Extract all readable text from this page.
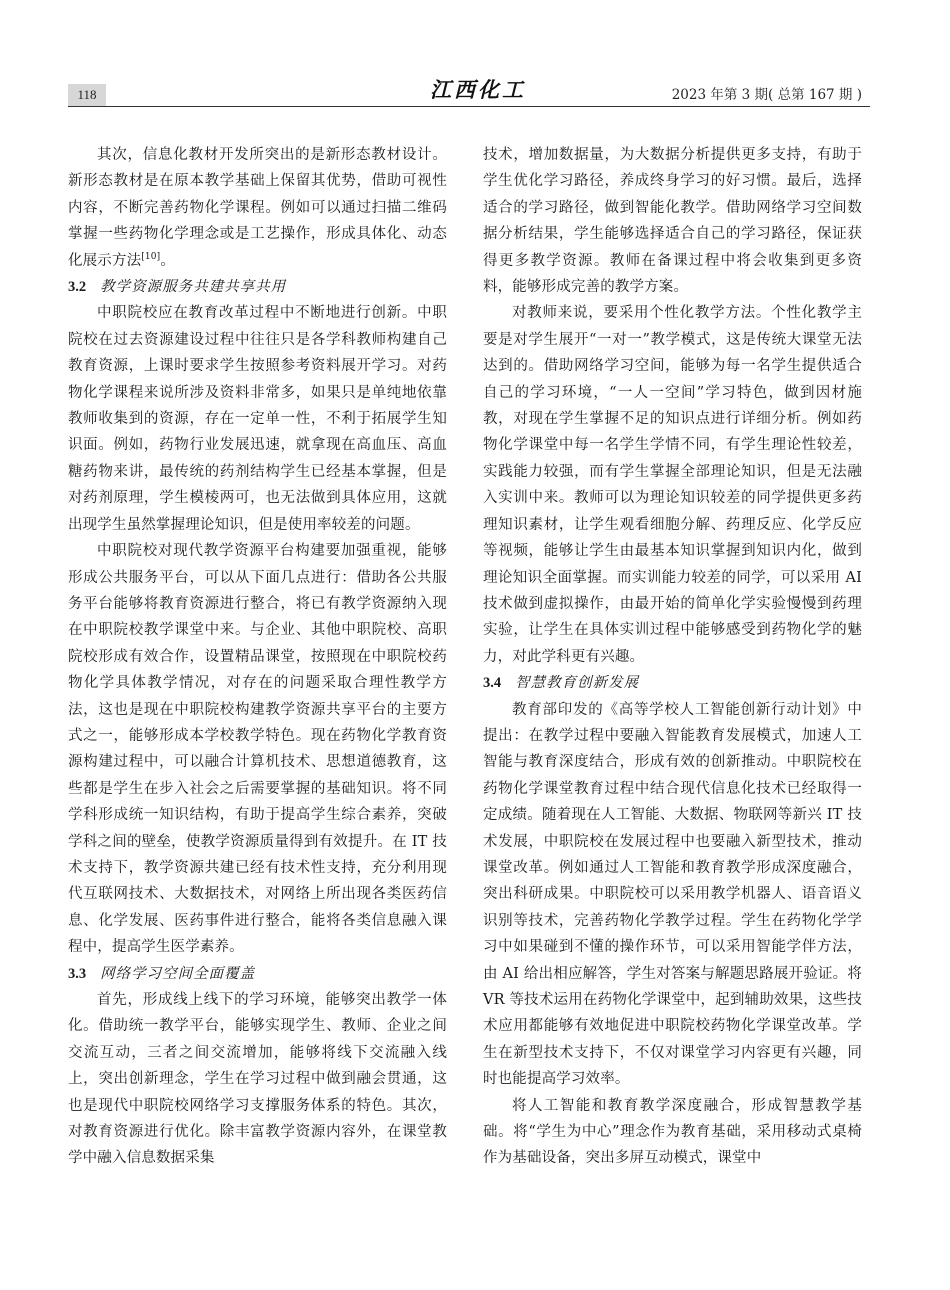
118	江西化工	2023 年第 3 期( 总第 167 期 )

其次，信息化教材开发所突出的是新形态教材设计。新形态教材是在原本教学基础上保留其优势，借助可视性内容，不断完善药物化学课程。例如可以通过扫描二维码掌握一些药物化学理念或是工艺操作，形成具体化、动态化展示方法[10]。

3.2 教学资源服务共建共享共用

中职院校应在教育改革过程中不断地进行创新。中职院校在过去资源建设过程中往往只是各学科教师构建自己教育资源，上课时要求学生按照参考资料展开学习。对药物化学课程来说所涉及资料非常多，如果只是单纯地依靠教师收集到的资源，存在一定单一性，不利于拓展学生知识面。例如，药物行业发展迅速，就拿现在高血压、高血糖药物来讲，最传统的药剂结构学生已经基本掌握，但是对药剂原理，学生模棱两可，也无法做到具体应用，这就出现学生虽然掌握理论知识，但是使用率较差的问题。

中职院校对现代教学资源平台构建要加强重视，能够形成公共服务平台，可以从下面几点进行：借助各公共服务平台能够将教育资源进行整合，将已有教学资源纳入现在中职院校教学课堂中来。与企业、其他中职院校、高职院校形成有效合作，设置精品课堂，按照现在中职院校药物化学具体教学情况，对存在的问题采取合理性教学方法，这也是现在中职院校构建教学资源共享平台的主要方式之一，能够形成本学校教学特色。现在药物化学教育资源构建过程中，可以融合计算机技术、思想道德教育，这些都是学生在步入社会之后需要掌握的基础知识。将不同学科形成统一知识结构，有助于提高学生综合素养，突破学科之间的壁垒，使教学资源质量得到有效提升。在 IT 技术支持下，教学资源共建已经有技术性支持，充分利用现代互联网技术、大数据技术，对网络上所出现各类医药信息、化学发展、医药事件进行整合，能将各类信息融入课程中，提高学生医学素养。

3.3 网络学习空间全面覆盖

首先，形成线上线下的学习环境，能够突出教学一体化。借助统一教学平台，能够实现学生、教师、企业之间交流互动，三者之间交流增加，能够将线下交流融入线上，突出创新理念，学生在学习过程中做到融会贯通，这也是现代中职院校网络学习支撑服务体系的特色。其次，对教育资源进行优化。除丰富教学资源内容外，在课堂教学中融入信息数据采集

技术，增加数据量，为大数据分析提供更多支持，有助于学生优化学习路径，养成终身学习的好习惯。最后，选择适合的学习路径，做到智能化教学。借助网络学习空间数据分析结果，学生能够选择适合自己的学习路径，保证获得更多教学资源。教师在备课过程中将会收集到更多资料，能够形成完善的教学方案。

对教师来说，要采用个性化教学方法。个性化教学主要是对学生展开“一对一”教学模式，这是传统大课堂无法达到的。借助网络学习空间，能够为每一名学生提供适合自己的学习环境，“一人一空间”学习特色，做到因材施教，对现在学生掌握不足的知识点进行详细分析。例如药物化学课堂中每一名学生学情不同，有学生理论性较差，实践能力较强，而有学生掌握全部理论知识，但是无法融入实训中来。教师可以为理论知识较差的同学提供更多药理知识素材，让学生观看细胞分解、药理反应、化学反应等视频，能够让学生由最基本知识掌握到知识内化，做到理论知识全面掌握。而实训能力较差的同学，可以采用 AI 技术做到虚拟操作，由最开始的简单化学实验慢慢到药理实验，让学生在具体实训过程中能够感受到药物化学的魅力，对此学科更有兴趣。

3.4 智慧教育创新发展

教育部印发的《高等学校人工智能创新行动计划》中提出：在教学过程中要融入智能教育发展模式，加速人工智能与教育深度结合，形成有效的创新推动。中职院校在药物化学课堂教育过程中结合现代信息化技术已经取得一定成绩。随着现在人工智能、大数据、物联网等新兴 IT 技术发展，中职院校在发展过程中也要融入新型技术，推动课堂改革。例如通过人工智能和教育教学形成深度融合，突出科研成果。中职院校可以采用教学机器人、语音语义识别等技术，完善药物化学教学过程。学生在药物化学学习中如果碰到不懂的操作环节，可以采用智能学伴方法，由 AI 给出相应解答，学生对答案与解题思路展开验证。将 VR 等技术运用在药物化学课堂中，起到辅助效果，这些技术应用都能够有效地促进中职院校药物化学课堂改革。学生在新型技术支持下，不仅对课堂学习内容更有兴趣，同时也能提高学习效率。

将人工智能和教育教学深度融合，形成智慧教学基础。将“学生为中心”理念作为教育基础，采用移动式桌椅作为基础设备，突出多屏互动模式，课堂中
